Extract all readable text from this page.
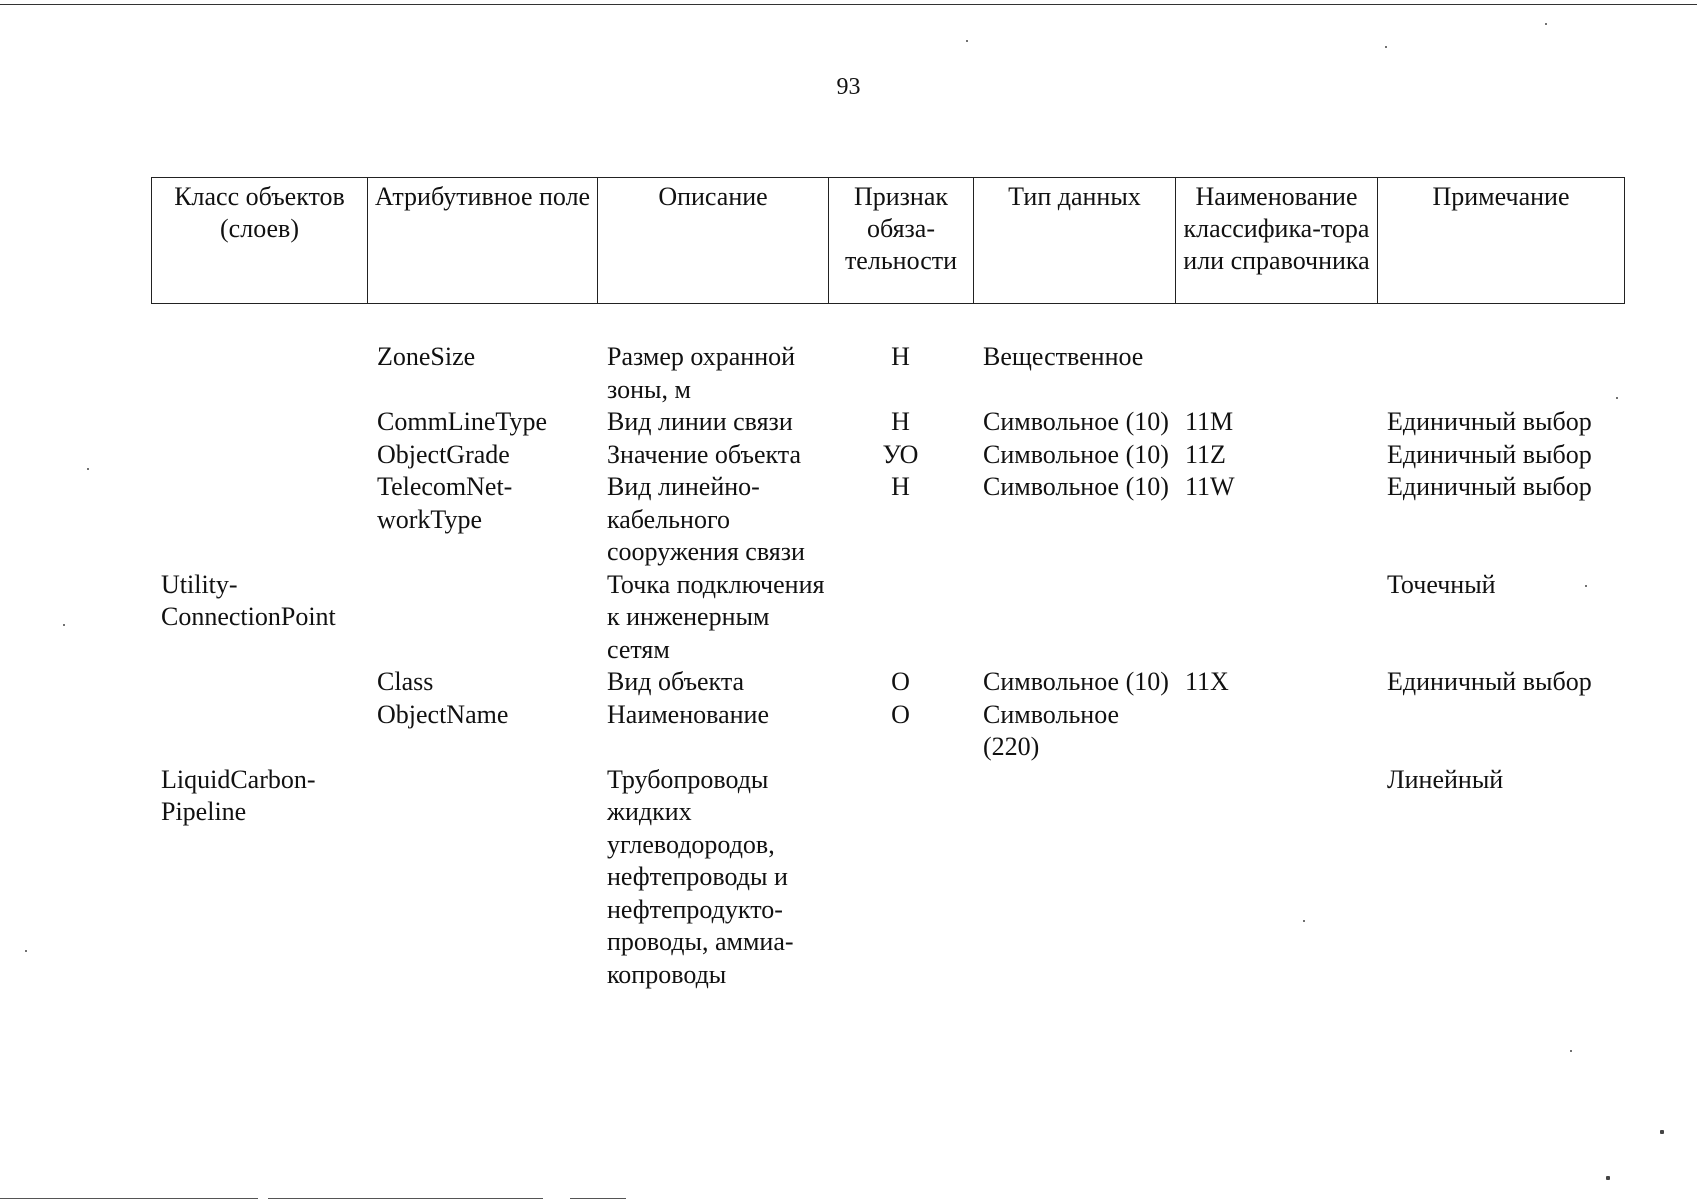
93
Класс объектов (слоев)	Атрибутивное поле	Описание	Признак обяза-тельности	Тип данных	Наименование классифика-тора или справочника	Примечание
	ZoneSize	Размер охранной зоны, м	Н	Вещественное		
	CommLineType	Вид линии связи	Н	Символьное (10)	11M	Единичный выбор
	ObjectGrade	Значение объекта	УО	Символьное (10)	11Z	Единичный выбор
	TelecomNet-workType	Вид линейно-кабельного сооружения связи	Н	Символьное (10)	11W	Единичный выбор
Utility-ConnectionPoint		Точка подключения к инженерным сетям				Точечный
	Class	Вид объекта	О	Символьное (10)	11X	Единичный выбор
	ObjectName	Наименование	О	Символьное (220)		
LiquidCarbon-Pipeline		Трубопроводы жидких углеводородов, нефтепроводы и нефтепродукто-проводы, аммиа-копроводы				Линейный
